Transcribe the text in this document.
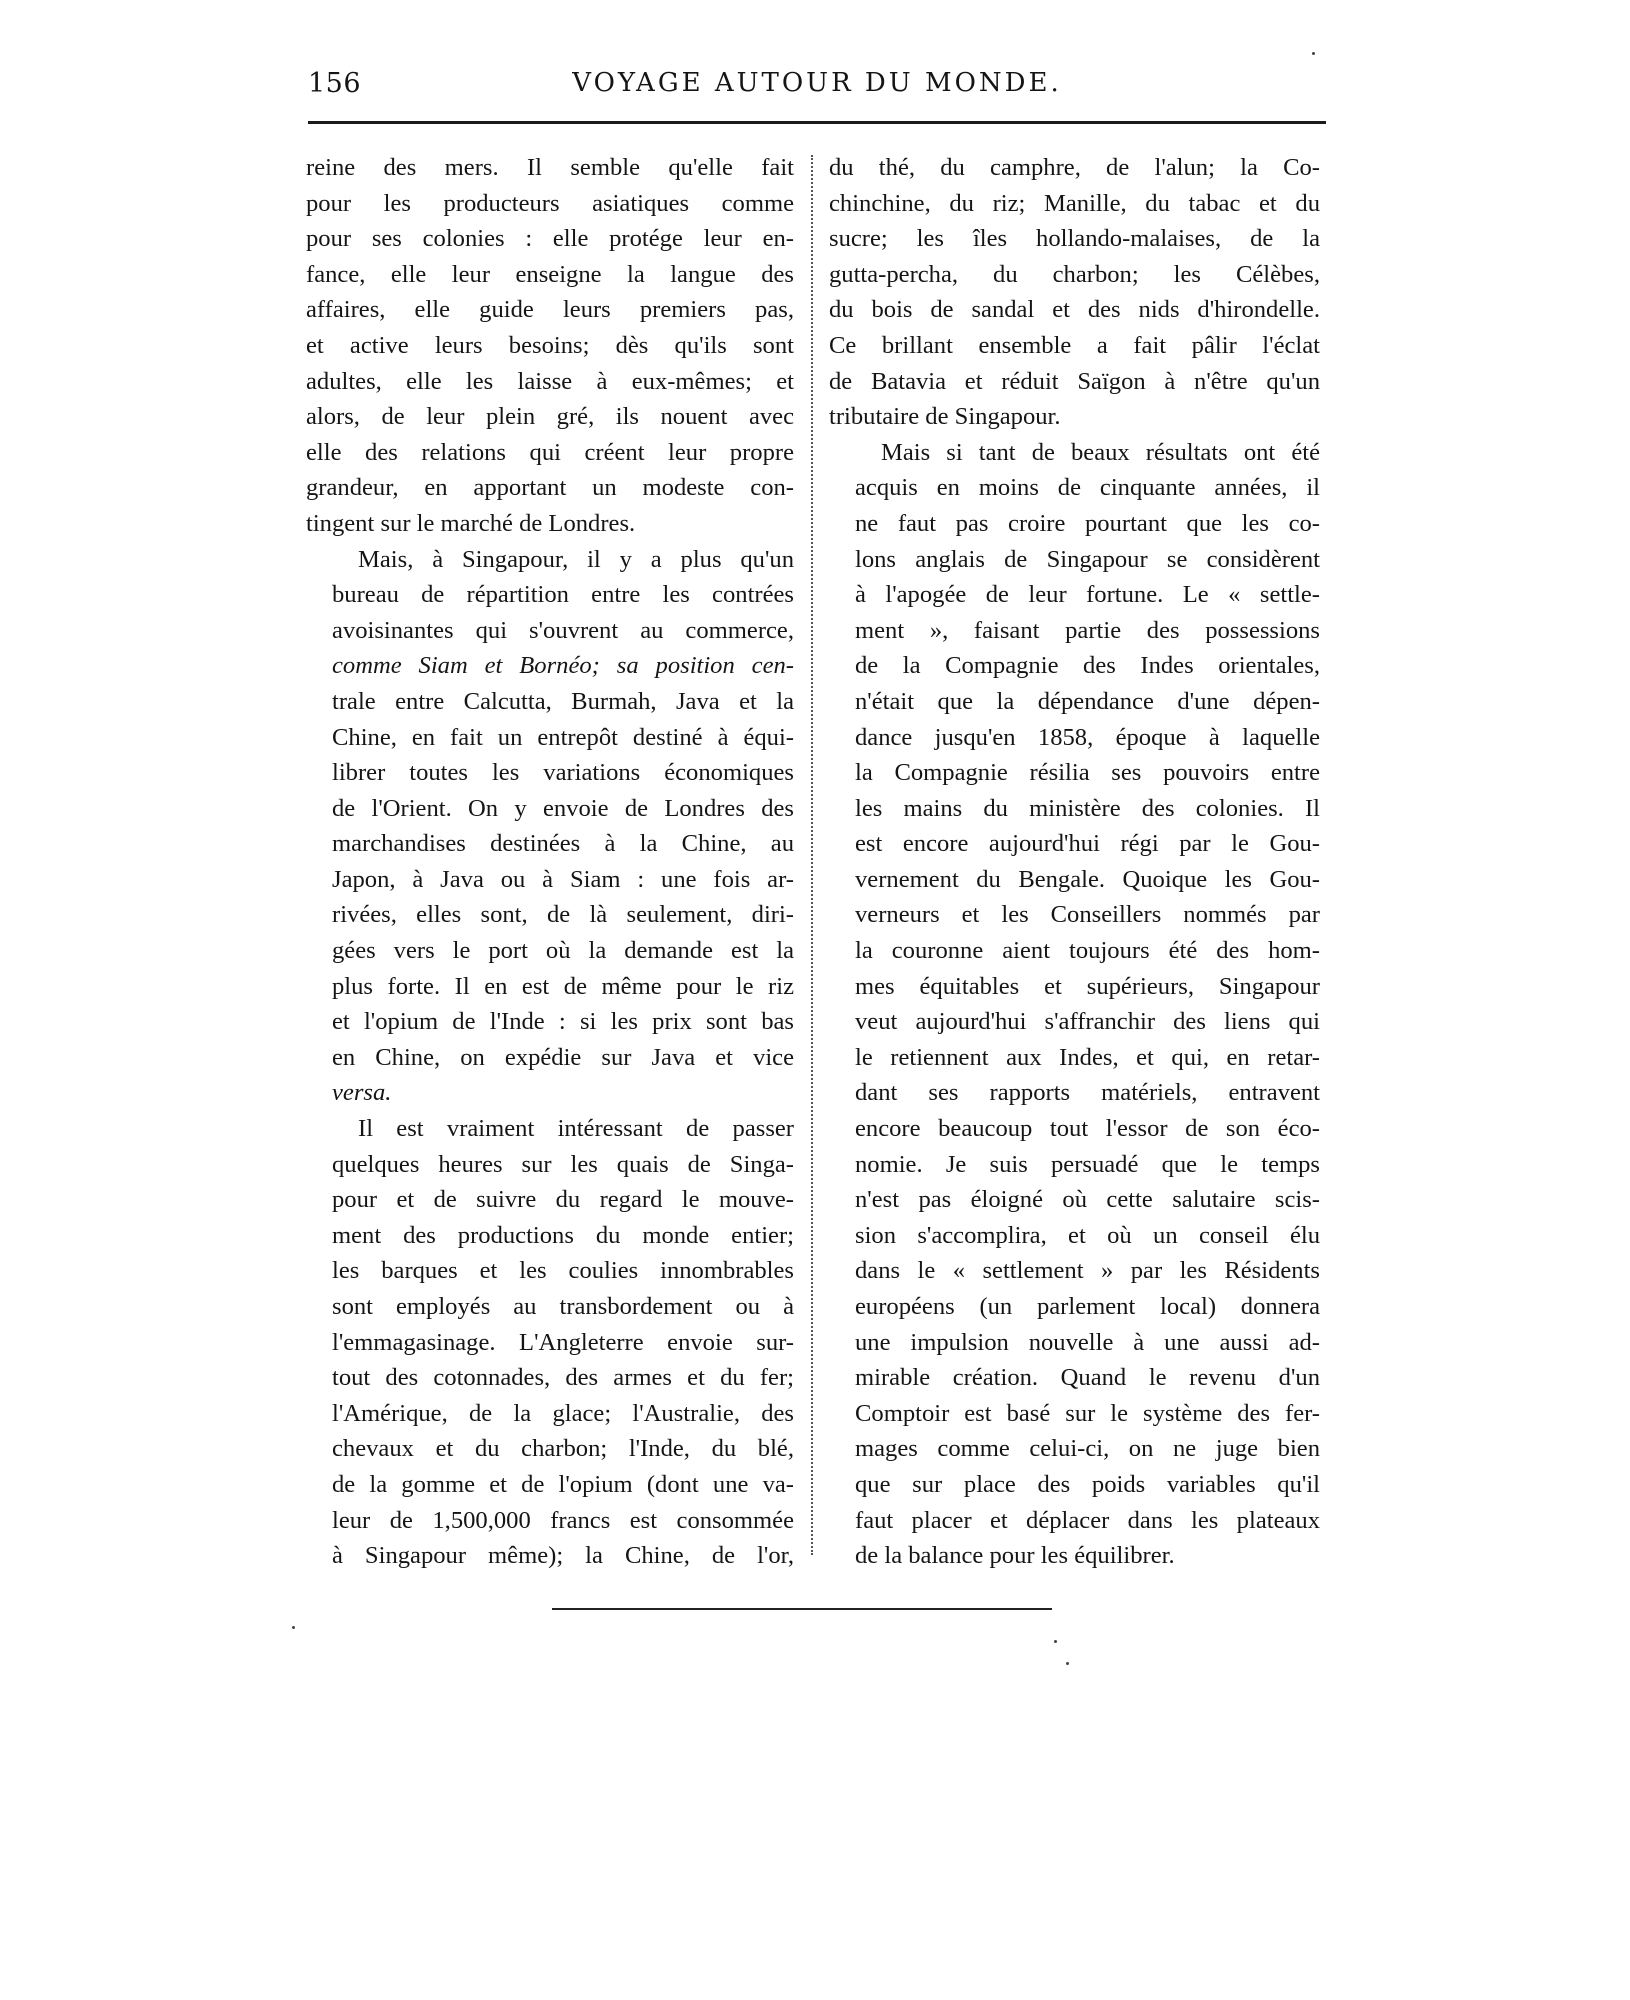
156	VOYAGE AUTOUR DU MONDE.

reine des mers. Il semble qu'elle fait
pour les producteurs asiatiques comme
pour ses colonies : elle protége leur en-
fance, elle leur enseigne la langue des
affaires, elle guide leurs premiers pas,
et active leurs besoins; dès qu'ils sont
adultes, elle les laisse à eux-mêmes; et
alors, de leur plein gré, ils nouent avec
elle des relations qui créent leur propre
grandeur, en apportant un modeste con-
tingent sur le marché de Londres.

Mais, à Singapour, il y a plus qu'un
bureau de répartition entre les contrées
avoisinantes qui s'ouvrent au commerce,
comme Siam et Bornéo; sa position cen-
trale entre Calcutta, Burmah, Java et la
Chine, en fait un entrepôt destiné à équi-
librer toutes les variations économiques
de l'Orient. On y envoie de Londres des
marchandises destinées à la Chine, au
Japon, à Java ou à Siam : une fois ar-
rivées, elles sont, de là seulement, diri-
gées vers le port où la demande est la
plus forte. Il en est de même pour le riz
et l'opium de l'Inde : si les prix sont bas
en Chine, on expédie sur Java et vice
versa.

Il est vraiment intéressant de passer
quelques heures sur les quais de Singa-
pour et de suivre du regard le mouve-
ment des productions du monde entier;
les barques et les coulies innombrables
sont employés au transbordement ou à
l'emmagasinage. L'Angleterre envoie sur-
tout des cotonnades, des armes et du fer;
l'Amérique, de la glace; l'Australie, des
chevaux et du charbon; l'Inde, du blé,
de la gomme et de l'opium (dont une va-
leur de 1,500,000 francs est consommée
à Singapour même); la Chine, de l'or,

du thé, du camphre, de l'alun; la Co-
chinchine, du riz; Manille, du tabac et du
sucre; les îles hollando-malaises, de la
gutta-percha, du charbon; les Célèbes,
du bois de sandal et des nids d'hirondelle.
Ce brillant ensemble a fait pâlir l'éclat
de Batavia et réduit Saïgon à n'être qu'un
tributaire de Singapour.

Mais si tant de beaux résultats ont été
acquis en moins de cinquante années, il
ne faut pas croire pourtant que les co-
lons anglais de Singapour se considèrent
à l'apogée de leur fortune. Le « settle-
ment », faisant partie des possessions
de la Compagnie des Indes orientales,
n'était que la dépendance d'une dépen-
dance jusqu'en 1858, époque à laquelle
la Compagnie résilia ses pouvoirs entre
les mains du ministère des colonies. Il
est encore aujourd'hui régi par le Gou-
vernement du Bengale. Quoique les Gou-
verneurs et les Conseillers nommés par
la couronne aient toujours été des hom-
mes équitables et supérieurs, Singapour
veut aujourd'hui s'affranchir des liens qui
le retiennent aux Indes, et qui, en retar-
dant ses rapports matériels, entravent
encore beaucoup tout l'essor de son éco-
nomie. Je suis persuadé que le temps
n'est pas éloigné où cette salutaire scis-
sion s'accomplira, et où un conseil élu
dans le « settlement » par les Résidents
européens (un parlement local) donnera
une impulsion nouvelle à une aussi ad-
mirable création. Quand le revenu d'un
Comptoir est basé sur le système des fer-
mages comme celui-ci, on ne juge bien
que sur place des poids variables qu'il
faut placer et déplacer dans les plateaux
de la balance pour les équilibrer.
